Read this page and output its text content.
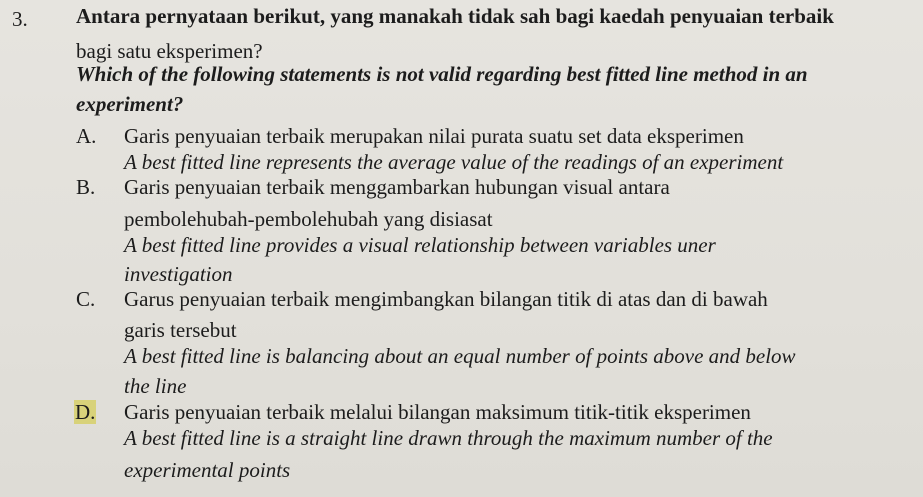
3. Antara pernyataan berikut, yang manakah tidak sah bagi kaedah penyuaian terbaik
bagi satu eksperimen?
Which of the following statements is not valid regarding best fitted line method in an
experiment?
A. Garis penyuaian terbaik merupakan nilai purata suatu set data eksperimen
A best fitted line represents the average value of the readings of an experiment
B. Garis penyuaian terbaik menggambarkan hubungan visual antara
pembolehubah-pembolehubah yang disiasat
A best fitted line provides a visual relationship between variables uner
investigation
C. Garus penyuaian terbaik mengimbangkan bilangan titik di atas dan di bawah
garis tersebut
A best fitted line is balancing about an equal number of points above and below
the line
D. Garis penyuaian terbaik melalui bilangan maksimum titik-titik eksperimen
A best fitted line is a straight line drawn through the maximum number of the
experimental points
